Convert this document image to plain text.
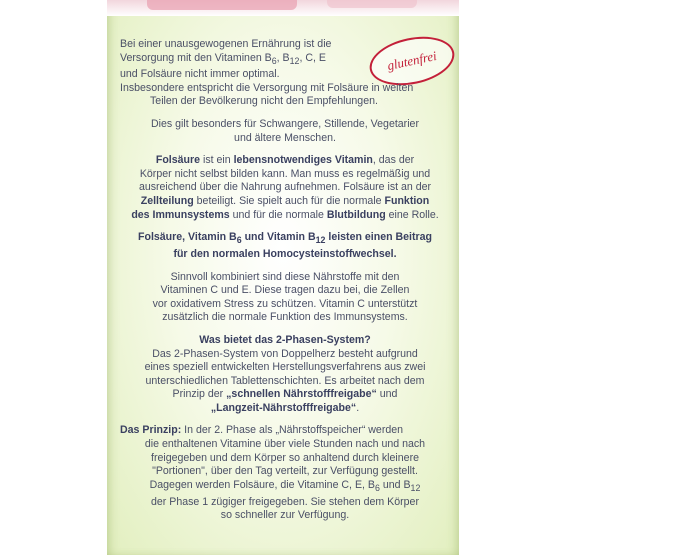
glutenfrei

Bei einer unausgewogenen Ernährung ist die
Versorgung mit den Vitaminen $B_6$, $B_{12}$, C, E
und Folsäure nicht immer optimal.
Insbesondere entspricht die Versorgung mit Folsäure in weiten
Teilen der Bevölkerung nicht den Empfehlungen.

Dies gilt besonders für Schwangere, Stillende, Vegetarier
und ältere Menschen.

Folsäure ist ein lebensnotwendiges Vitamin, das der
Körper nicht selbst bilden kann. Man muss es regelmäßig und
ausreichend über die Nahrung aufnehmen. Folsäure ist an der
Zellteilung beteiligt. Sie spielt auch für die normale Funktion
des Immunsystems und für die normale Blutbildung eine Rolle.

Folsäure, Vitamin $B_6$ und Vitamin $B_{12}$ leisten einen Beitrag
für den normalen Homocysteinstoffwechsel.

Sinnvoll kombiniert sind diese Nährstoffe mit den
Vitaminen C und E. Diese tragen dazu bei, die Zellen
vor oxidativem Stress zu schützen. Vitamin C unterstützt
zusätzlich die normale Funktion des Immunsystems.

Was bietet das 2-Phasen-System?
Das 2-Phasen-System von Doppelherz besteht aufgrund
eines speziell entwickelten Herstellungsverfahrens aus zwei
unterschiedlichen Tablettenschichten. Es arbeitet nach dem
Prinzip der „schnellen Nährstofffreigabe“ und
„Langzeit-Nährstofffreigabe“.

Das Prinzip: In der 2. Phase als „Nährstoffspeicher“ werden
die enthaltenen Vitamine über viele Stunden nach und nach
freigegeben und dem Körper so anhaltend durch kleinere
"Portionen", über den Tag verteilt, zur Verfügung gestellt.
Dagegen werden Folsäure, die Vitamine C, E, $B_6$ und $B_{12}$
der Phase 1 zügiger freigegeben. Sie stehen dem Körper
so schneller zur Verfügung.
